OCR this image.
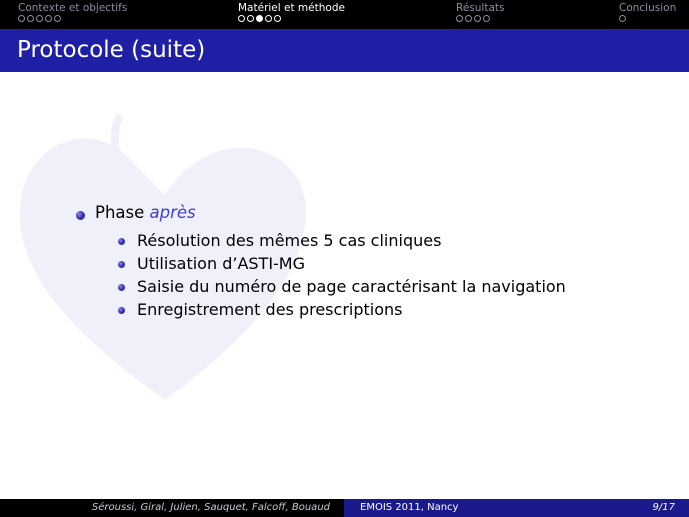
Contexte et objectifs	Matériel et méthode	Résultats	Conclusion
Protocole (suite)
Phase après
Résolution des mêmes 5 cas cliniques
Utilisation d’ASTI-MG
Saisie du numéro de page caractérisant la navigation
Enregistrement des prescriptions
Séroussi, Giral, Julien, Sauquet, Falcoff, Bouaud	EMOIS 2011, Nancy	9/17
